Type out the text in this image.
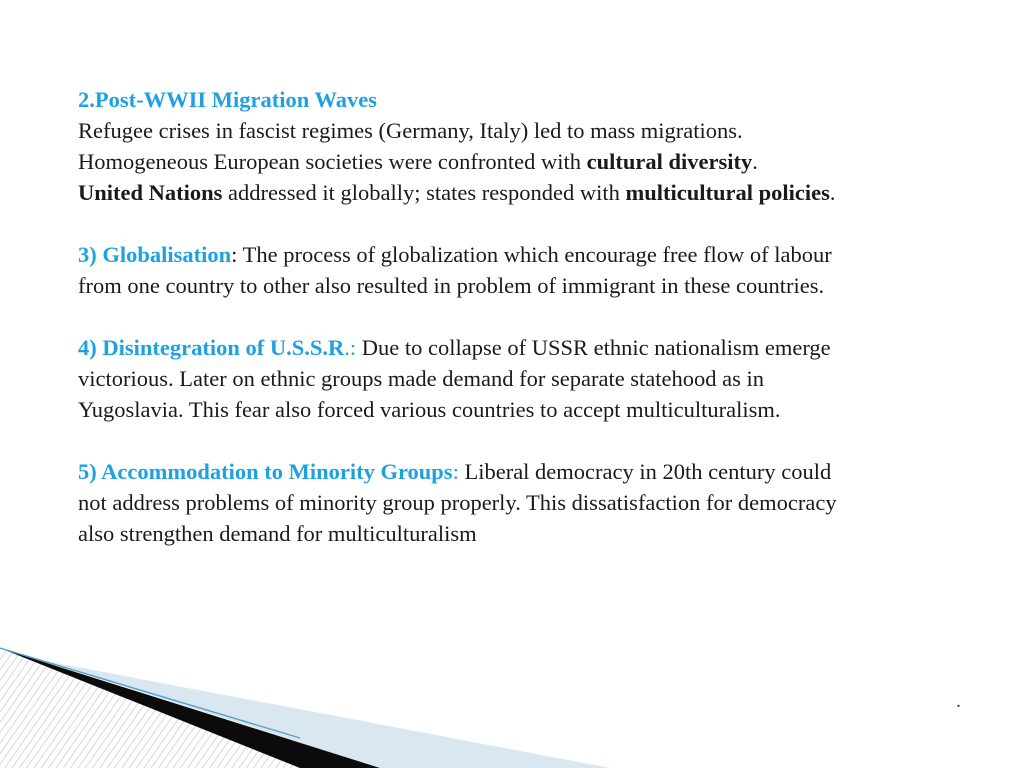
2.Post-WWII Migration Waves
Refugee crises in fascist regimes (Germany, Italy) led to mass migrations.
Homogeneous European societies were confronted with cultural diversity.
United Nations addressed it globally; states responded with multicultural policies.
3) Globalisation: The process of globalization which encourage free flow of labour
from one country to other also resulted in problem of immigrant in these countries.
4) Disintegration of U.S.S.R.: Due to collapse of USSR ethnic nationalism emerge
victorious. Later on ethnic groups made demand for separate statehood as in
Yugoslavia. This fear also forced various countries to accept multiculturalism.
5) Accommodation to Minority Groups: Liberal democracy in 20th century could
not address problems of minority group properly. This dissatisfaction for democracy
also strengthen demand for multiculturalism
.
